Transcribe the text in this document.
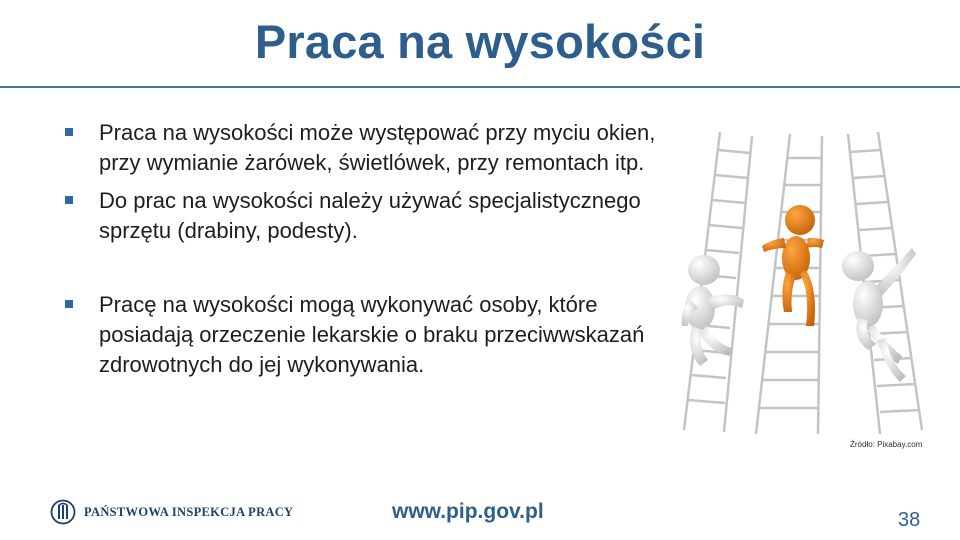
Praca na wysokości
Praca na wysokości może występować przy myciu okien, przy wymianie żarówek, świetlówek, przy remontach itp.
Do prac na wysokości należy używać specjalistycznego sprzętu (drabiny, podesty).
Pracę na wysokości mogą wykonywać osoby, które posiadają orzeczenie lekarskie o braku przeciwwskazań zdrowotnych do jej wykonywania.
Źródło: Pixabay.com
PAŃSTWOWA INSPEKCJA PRACY	www.pip.gov.pl	38
